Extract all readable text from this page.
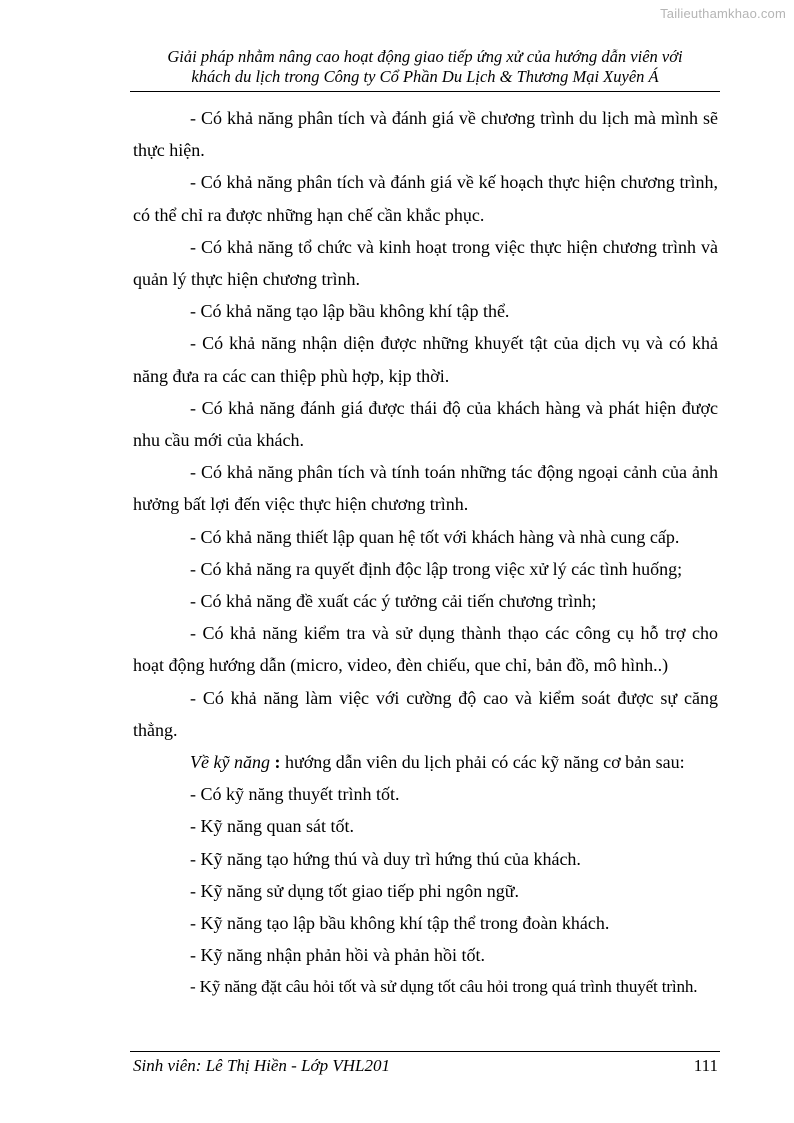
Tailieuthamkhao.com
Giải pháp nhằm nâng cao hoạt động giao tiếp ứng xử của hướng dẫn viên với
khách du lịch trong Công ty Cổ Phần Du Lịch & Thương Mại Xuyên Á

- Có khả năng phân tích và đánh giá về chương trình du lịch mà mình sẽ thực hiện.

- Có khả năng phân tích và đánh giá về kế hoạch thực hiện chương trình, có thể chỉ ra được những hạn chế cần khắc phục.

- Có khả năng tổ chức và kinh hoạt trong việc thực hiện chương trình và quản lý thực hiện chương trình.

- Có khả năng tạo lập bầu không khí tập thể.

- Có khả năng nhận diện được những khuyết tật của dịch vụ và có khả năng đưa ra các can thiệp phù hợp, kịp thời.

- Có khả năng đánh giá được thái độ của khách hàng và phát hiện được nhu cầu mới của khách.

- Có khả năng phân tích và tính toán những tác động ngoại cảnh của ảnh hưởng bất lợi đến việc thực hiện chương trình.

- Có khả năng thiết lập quan hệ tốt với khách hàng và nhà cung cấp.

- Có khả năng ra quyết định độc lập trong việc xử lý các tình huống;

- Có khả năng đề xuất các ý tưởng cải tiến chương trình;

- Có khả năng kiểm tra và sử dụng thành thạo các công cụ hỗ trợ cho hoạt động hướng dẫn (micro, video, đèn chiếu, que chỉ, bản đồ, mô hình..)

- Có khả năng làm việc với cường độ cao và kiểm soát được sự căng thẳng.

Về kỹ năng : hướng dẫn viên du lịch phải có các kỹ năng cơ bản sau:

- Có kỹ năng thuyết trình tốt.

- Kỹ năng quan sát tốt.

- Kỹ năng tạo hứng thú và duy trì hứng thú của khách.

- Kỹ năng sử dụng tốt giao tiếp phi ngôn ngữ.

- Kỹ năng tạo lập bầu không khí tập thể trong đoàn khách.

- Kỹ năng nhận phản hồi và phản hồi tốt.

- Kỹ năng đặt câu hỏi tốt và sử dụng tốt câu hỏi trong quá trình thuyết trình.

Sinh viên: Lê Thị Hiền - Lớp VHL201	111
